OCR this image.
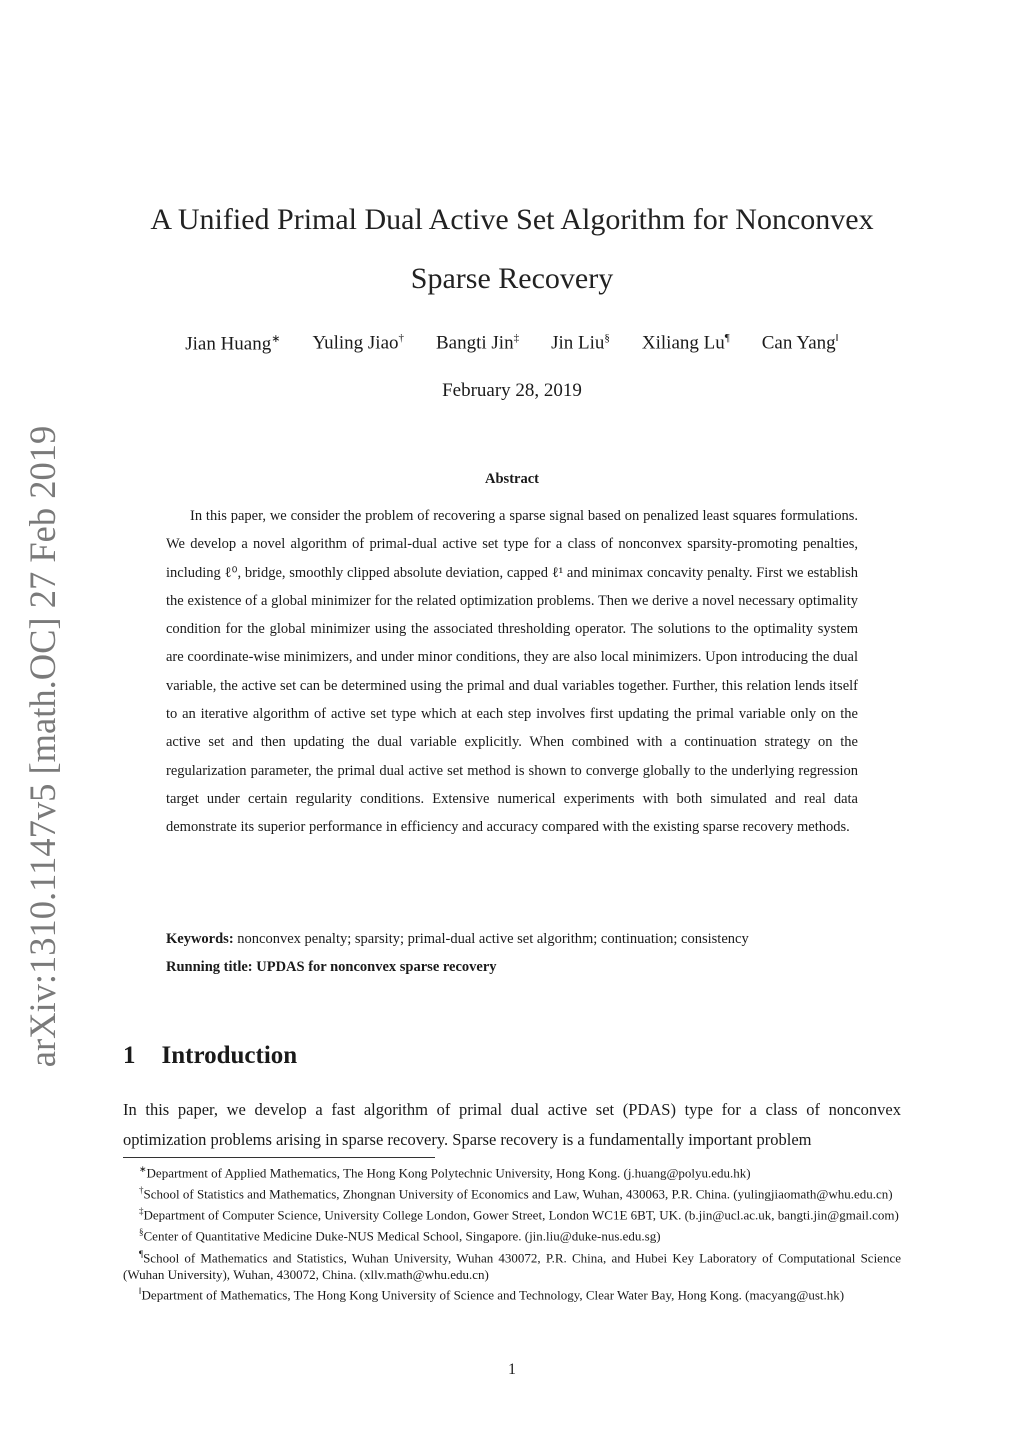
arXiv:1310.1147v5 [math.OC] 27 Feb 2019
A Unified Primal Dual Active Set Algorithm for Nonconvex
Sparse Recovery
Jian Huang∗ Yuling Jiao† Bangti Jin‡ Jin Liu§ Xiliang Lu¶ Can Yang‖
February 28, 2019
Abstract

In this paper, we consider the problem of recovering a sparse signal based on penalized least squares formulations. We develop a novel algorithm of primal-dual active set type for a class of nonconvex sparsity-promoting penalties, including ℓ⁰, bridge, smoothly clipped absolute deviation, capped ℓ¹ and minimax concavity penalty. First we establish the existence of a global minimizer for the related optimization problems. Then we derive a novel necessary optimality condition for the global minimizer using the associated thresholding operator. The solutions to the optimality system are coordinate-wise minimizers, and under minor conditions, they are also local minimizers. Upon introducing the dual variable, the active set can be determined using the primal and dual variables together. Further, this relation lends itself to an iterative algorithm of active set type which at each step involves first updating the primal variable only on the active set and then updating the dual variable explicitly. When combined with a continuation strategy on the regularization parameter, the primal dual active set method is shown to converge globally to the underlying regression target under certain regularity conditions. Extensive numerical experiments with both simulated and real data demonstrate its superior performance in efficiency and accuracy compared with the existing sparse recovery methods.

Keywords: nonconvex penalty; sparsity; primal-dual active set algorithm; continuation; consistency
Running title: UPDAS for nonconvex sparse recovery
1 Introduction

In this paper, we develop a fast algorithm of primal dual active set (PDAS) type for a class of nonconvex optimization problems arising in sparse recovery. Sparse recovery is a fundamentally important problem

∗Department of Applied Mathematics, The Hong Kong Polytechnic University, Hong Kong. (j.huang@polyu.edu.hk)

†School of Statistics and Mathematics, Zhongnan University of Economics and Law, Wuhan, 430063, P.R. China. (yulingjiaomath@whu.edu.cn)

‡Department of Computer Science, University College London, Gower Street, London WC1E 6BT, UK. (b.jin@ucl.ac.uk, bangti.jin@gmail.com)

§Center of Quantitative Medicine Duke-NUS Medical School, Singapore. (jin.liu@duke-nus.edu.sg)

¶School of Mathematics and Statistics, Wuhan University, Wuhan 430072, P.R. China, and Hubei Key Laboratory of Computational Science (Wuhan University), Wuhan, 430072, China. (xllv.math@whu.edu.cn)

‖Department of Mathematics, The Hong Kong University of Science and Technology, Clear Water Bay, Hong Kong. (macyang@ust.hk)

1
